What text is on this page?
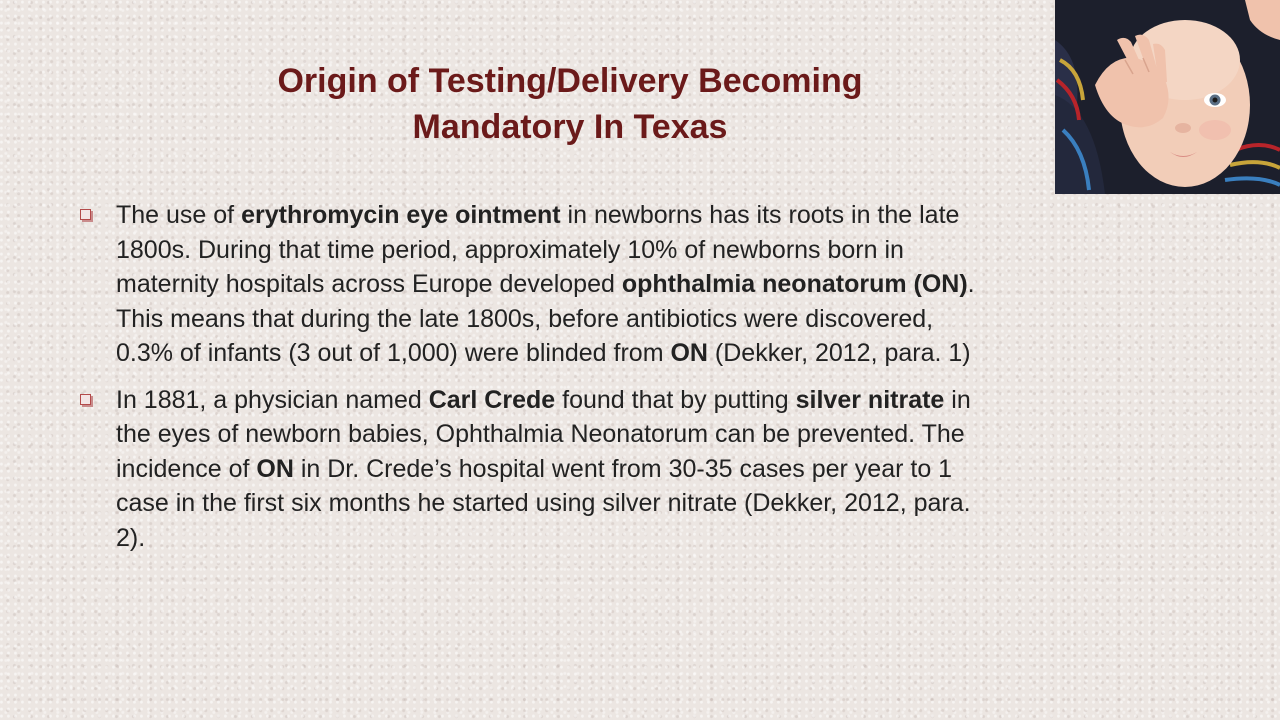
Origin of Testing/Delivery Becoming
Mandatory In Texas
The use of erythromycin eye ointment in newborns has its roots in the late 1800s. During that time period, approximately 10% of newborns born in maternity hospitals across Europe developed ophthalmia neonatorum (ON). This means that during the late 1800s, before antibiotics were discovered, 0.3% of infants (3 out of 1,000) were blinded from ON (Dekker, 2012, para. 1)
In 1881, a physician named Carl Crede found that by putting silver nitrate in the eyes of newborn babies, Ophthalmia Neonatorum can be prevented. The incidence of ON in Dr. Crede’s hospital went from 30-35 cases per year to 1 case in the first six months he started using silver nitrate (Dekker, 2012, para. 2).
